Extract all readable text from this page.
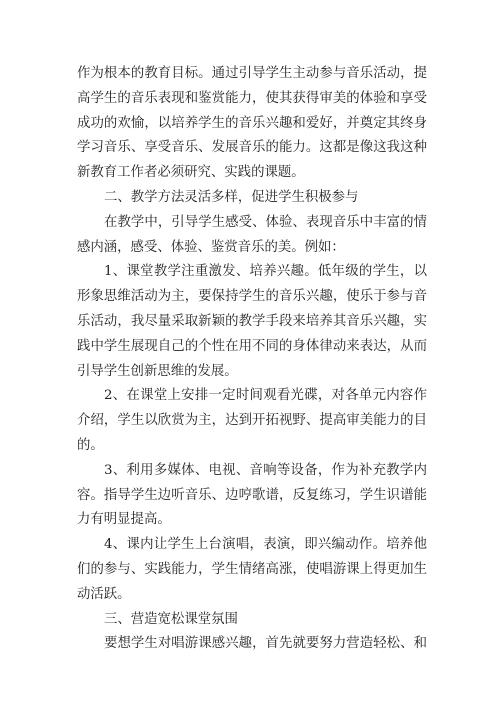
作为根本的教育目标。通过引导学生主动参与音乐活动，提
高学生的音乐表现和鉴赏能力，使其获得审美的体验和享受
成功的欢愉，以培养学生的音乐兴趣和爱好，并奠定其终身
学习音乐、享受音乐、发展音乐的能力。这都是像这我这种
新教育工作者必须研究、实践的课题。
二、教学方法灵活多样，促进学生积极参与
在教学中，引导学生感受、体验、表现音乐中丰富的情
感内涵，感受、体验、鉴赏音乐的美。例如：
1、课堂教学注重激发、培养兴趣。低年级的学生，以
形象思维活动为主，要保持学生的音乐兴趣，使乐于参与音
乐活动，我尽量采取新颖的教学手段来培养其音乐兴趣，实
践中学生展现自己的个性在用不同的身体律动来表达，从而
引导学生创新思维的发展。
2、在课堂上安排一定时间观看光碟，对各单元内容作
介绍，学生以欣赏为主，达到开拓视野、提高审美能力的目
的。
3、利用多媒体、电视、音响等设备，作为补充教学内
容。指导学生边听音乐、边哼歌谱，反复练习，学生识谱能
力有明显提高。
4、课内让学生上台演唱，表演，即兴编动作。培养他
们的参与、实践能力，学生情绪高涨，使唱游课上得更加生
动活跃。
三、营造宽松课堂氛围
要想学生对唱游课感兴趣，首先就要努力营造轻松、和
